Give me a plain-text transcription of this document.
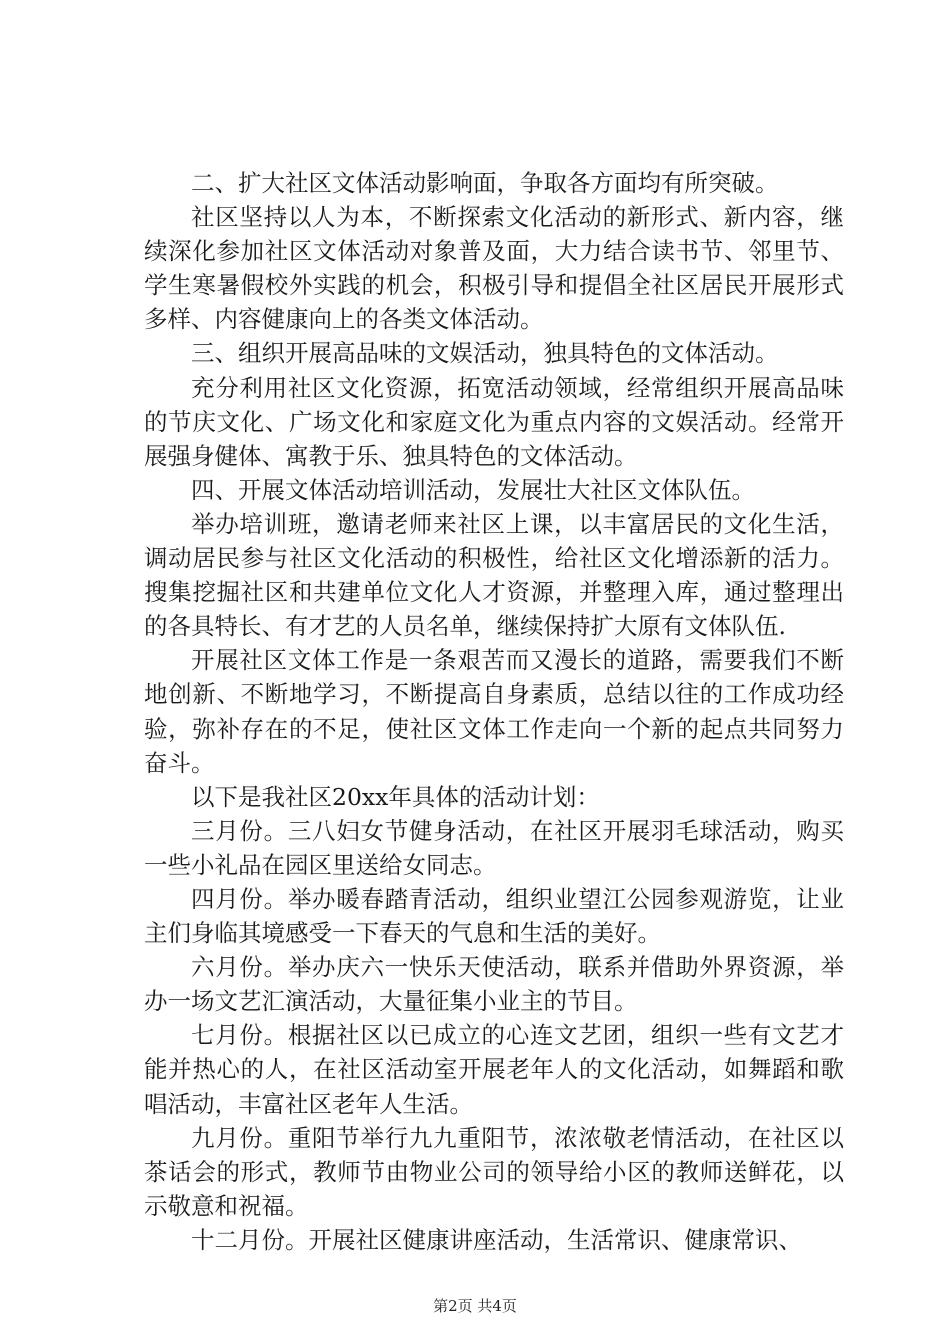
二、扩大社区文体活动影响面，争取各方面均有所突破。

社区坚持以人为本，不断探索文化活动的新形式、新内容，继续深化参加社区文体活动对象普及面，大力结合读书节、邻里节、学生寒暑假校外实践的机会，积极引导和提倡全社区居民开展形式多样、内容健康向上的各类文体活动。

三、组织开展高品味的文娱活动，独具特色的文体活动。

充分利用社区文化资源，拓宽活动领域，经常组织开展高品味的节庆文化、广场文化和家庭文化为重点内容的文娱活动。经常开展强身健体、寓教于乐、独具特色的文体活动。

四、开展文体活动培训活动，发展壮大社区文体队伍。

举办培训班，邀请老师来社区上课，以丰富居民的文化生活，调动居民参与社区文化活动的积极性，给社区文化增添新的活力。搜集挖掘社区和共建单位文化人才资源，并整理入库，通过整理出的各具特长、有才艺的人员名单，继续保持扩大原有文体队伍.

开展社区文体工作是一条艰苦而又漫长的道路，需要我们不断地创新、不断地学习，不断提高自身素质，总结以往的工作成功经验，弥补存在的不足，使社区文体工作走向一个新的起点共同努力奋斗。

以下是我社区20xx年具体的活动计划：

三月份。三八妇女节健身活动，在社区开展羽毛球活动，购买一些小礼品在园区里送给女同志。

四月份。举办暖春踏青活动，组织业望江公园参观游览，让业主们身临其境感受一下春天的气息和生活的美好。

六月份。举办庆六一快乐天使活动，联系并借助外界资源，举办一场文艺汇演活动，大量征集小业主的节目。

七月份。根据社区以已成立的心连文艺团，组织一些有文艺才能并热心的人，在社区活动室开展老年人的文化活动，如舞蹈和歌唱活动，丰富社区老年人生活。

九月份。重阳节举行九九重阳节，浓浓敬老情活动，在社区以茶话会的形式，教师节由物业公司的领导给小区的教师送鲜花，以示敬意和祝福。

十二月份。开展社区健康讲座活动，生活常识、健康常识、

第2页 共4页
